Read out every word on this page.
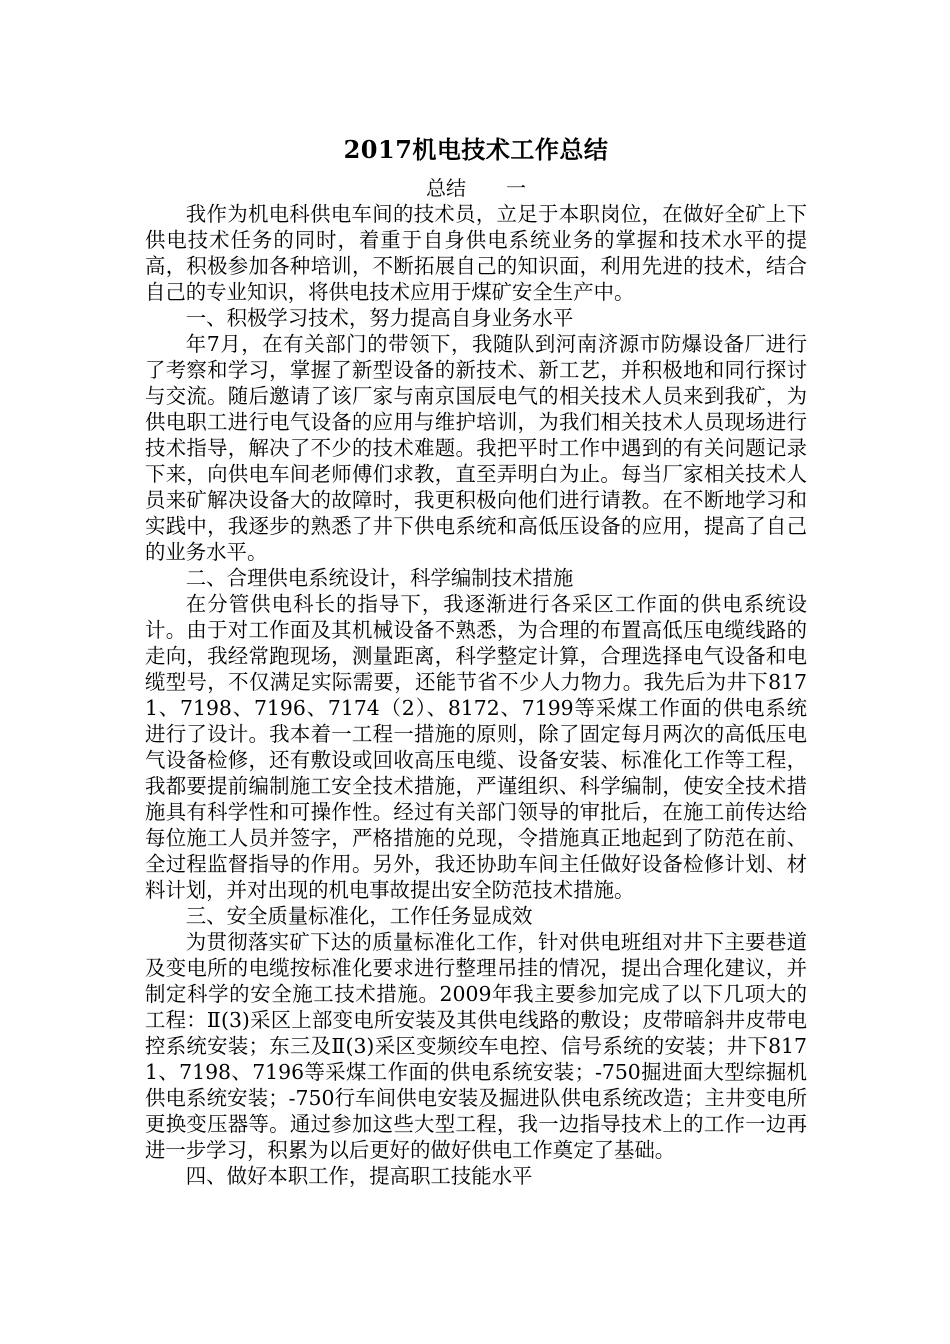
2017机电技术工作总结

总结　　一

我作为机电科供电车间的技术员，立足于本职岗位，在做好全矿上下供电技术任务的同时，着重于自身供电系统业务的掌握和技术水平的提高，积极参加各种培训，不断拓展自己的知识面，利用先进的技术，结合自己的专业知识，将供电技术应用于煤矿安全生产中。

一、积极学习技术，努力提高自身业务水平

年7月，在有关部门的带领下，我随队到河南济源市防爆设备厂进行了考察和学习，掌握了新型设备的新技术、新工艺，并积极地和同行探讨与交流。随后邀请了该厂家与南京国辰电气的相关技术人员来到我矿，为供电职工进行电气设备的应用与维护培训，为我们相关技术人员现场进行技术指导，解决了不少的技术难题。我把平时工作中遇到的有关问题记录下来，向供电车间老师傅们求教，直至弄明白为止。每当厂家相关技术人员来矿解决设备大的故障时，我更积极向他们进行请教。在不断地学习和实践中，我逐步的熟悉了井下供电系统和高低压设备的应用，提高了自己的业务水平。

二、合理供电系统设计，科学编制技术措施

在分管供电科长的指导下，我逐渐进行各采区工作面的供电系统设计。由于对工作面及其机械设备不熟悉，为合理的布置高低压电缆线路的走向，我经常跑现场，测量距离，科学整定计算，合理选择电气设备和电缆型号，不仅满足实际需要，还能节省不少人力物力。我先后为井下8171、7198、7196、7174（2）、8172、7199等采煤工作面的供电系统进行了设计。我本着一工程一措施的原则，除了固定每月两次的高低压电气设备检修，还有敷设或回收高压电缆、设备安装、标准化工作等工程，我都要提前编制施工安全技术措施，严谨组织、科学编制，使安全技术措施具有科学性和可操作性。经过有关部门领导的审批后，在施工前传达给每位施工人员并签字，严格措施的兑现，令措施真正地起到了防范在前、全过程监督指导的作用。另外，我还协助车间主任做好设备检修计划、材料计划，并对出现的机电事故提出安全防范技术措施。

三、安全质量标准化，工作任务显成效

为贯彻落实矿下达的质量标准化工作，针对供电班组对井下主要巷道及变电所的电缆按标准化要求进行整理吊挂的情况，提出合理化建议，并制定科学的安全施工技术措施。2009年我主要参加完成了以下几项大的工程：Ⅱ(3)采区上部变电所安装及其供电线路的敷设；皮带暗斜井皮带电控系统安装；东三及Ⅱ(3)采区变频绞车电控、信号系统的安装；井下8171、7198、7196等采煤工作面的供电系统安装；-750掘进面大型综掘机供电系统安装；-750行车间供电安装及掘进队供电系统改造；主井变电所更换变压器等。通过参加这些大型工程，我一边指导技术上的工作一边再进一步学习，积累为以后更好的做好供电工作奠定了基础。

四、做好本职工作，提高职工技能水平
